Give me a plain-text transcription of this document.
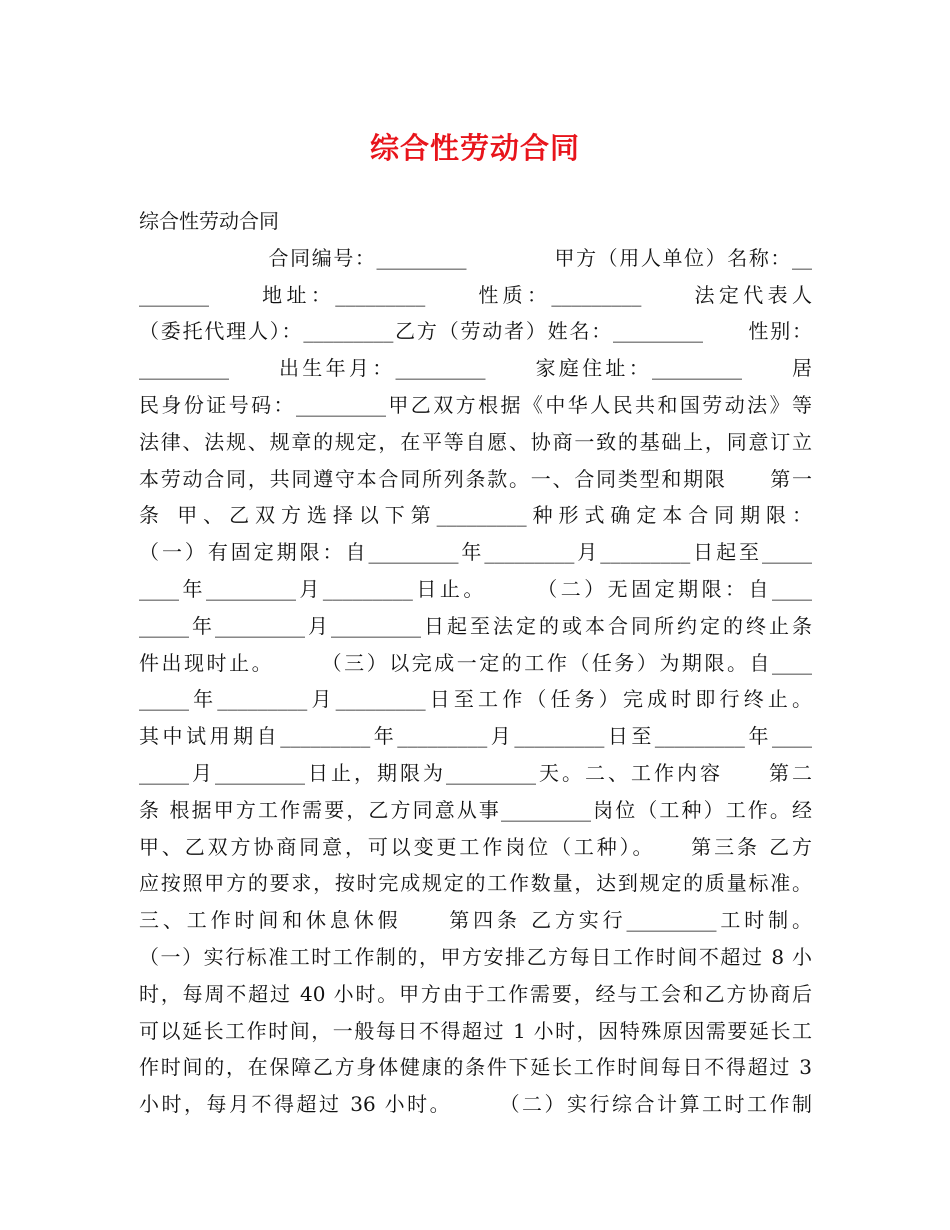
综合性劳动合同
综合性劳动合同
　　　　　　合同编号：_________　　　　甲方（用人单位）名称：__
_______　　地址：_________　　性质：_________　　法定代表人
（委托代理人）：_________乙方（劳动者）姓名：_________　　性别：
_________　　出生年月：_________　　家庭住址：_________　　居
民身份证号码：_________甲乙双方根据《中华人民共和国劳动法》等
法律、法规、规章的规定，在平等自愿、协商一致的基础上，同意订立
本劳动合同，共同遵守本合同所列条款。一、合同类型和期限　　第一
条 甲、乙双方选择以下第_________种形式确定本合同期限：
（一）有固定期限：自_________年_________月_________日起至_____
____年_________月_________日止。　　　（二）无固定期限：自____
_____年_________月_________日起至法定的或本合同所约定的终止条
件出现时止。　　　（三）以完成一定的工作（任务）为期限。自____
_____年_________月_________日至工作（任务）完成时即行终止。
其中试用期自_________年_________月_________日至_________年____
_____月_________日止，期限为_________天。二、工作内容　　第二
条 根据甲方工作需要，乙方同意从事_________岗位（工种）工作。经
甲、乙双方协商同意，可以变更工作岗位（工种）。　　第三条 乙方
应按照甲方的要求，按时完成规定的工作数量，达到规定的质量标准。
三、工作时间和休息休假　　第四条 乙方实行_________工时制。
（一）实行标准工时工作制的，甲方安排乙方每日工作时间不超过 8 小
时，每周不超过 40 小时。甲方由于工作需要，经与工会和乙方协商后
可以延长工作时间，一般每日不得超过 1 小时，因特殊原因需要延长工
作时间的，在保障乙方身体健康的条件下延长工作时间每日不得超过 3
小时，每月不得超过 36 小时。　　　（二）实行综合计算工时工作制
